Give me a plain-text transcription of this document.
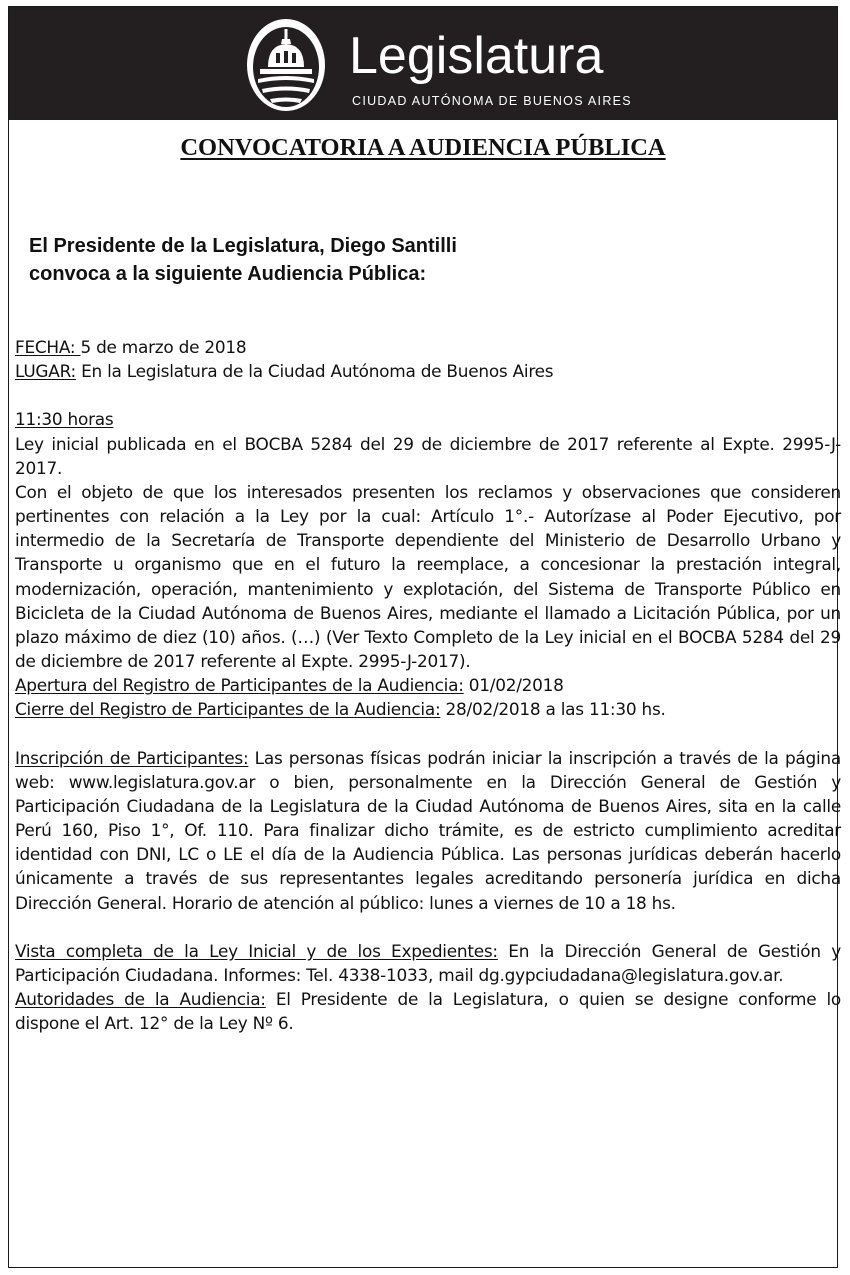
Legislatura
CIUDAD AUTÓNOMA DE BUENOS AIRES
CONVOCATORIA A AUDIENCIA PÚBLICA
El Presidente de la Legislatura, Diego Santilli
convoca a la siguiente Audiencia Pública:

FECHA: 5 de marzo de 2018

LUGAR: En la Legislatura de la Ciudad Autónoma de Buenos Aires

11:30 horas

Ley inicial publicada en el BOCBA 5284 del 29 de diciembre de 2017 referente al Expte. 2995-J-2017.

Con el objeto de que los interesados presenten los reclamos y observaciones que consideren pertinentes con relación a la Ley por la cual: Artículo 1°.- Autorízase al Poder Ejecutivo, por intermedio de la Secretaría de Transporte dependiente del Ministerio de Desarrollo Urbano y Transporte u organismo que en el futuro la reemplace, a concesionar la prestación integral, modernización, operación, mantenimiento y explotación, del Sistema de Transporte Público en Bicicleta de la Ciudad Autónoma de Buenos Aires, mediante el llamado a Licitación Pública, por un plazo máximo de diez (10) años. (…) (Ver Texto Completo de la Ley inicial en el BOCBA 5284 del 29 de diciembre de 2017 referente al Expte. 2995-J-2017).

Apertura del Registro de Participantes de la Audiencia: 01/02/2018

Cierre del Registro de Participantes de la Audiencia: 28/02/2018 a las 11:30 hs.

Inscripción de Participantes: Las personas físicas podrán iniciar la inscripción a través de la página web: www.legislatura.gov.ar o bien, personalmente en la Dirección General de Gestión y Participación Ciudadana de la Legislatura de la Ciudad Autónoma de Buenos Aires, sita en la calle Perú 160, Piso 1°, Of. 110. Para finalizar dicho trámite, es de estricto cumplimiento acreditar identidad con DNI, LC o LE el día de la Audiencia Pública. Las personas jurídicas deberán hacerlo únicamente a través de sus representantes legales acreditando personería jurídica en dicha Dirección General. Horario de atención al público: lunes a viernes de 10 a 18 hs.

Vista completa de la Ley Inicial y de los Expedientes: En la Dirección General de Gestión y Participación Ciudadana. Informes: Tel. 4338-1033, mail dg.gypciudadana@legislatura.gov.ar.

Autoridades de la Audiencia: El Presidente de la Legislatura, o quien se designe conforme lo dispone el Art. 12° de la Ley Nº 6.
